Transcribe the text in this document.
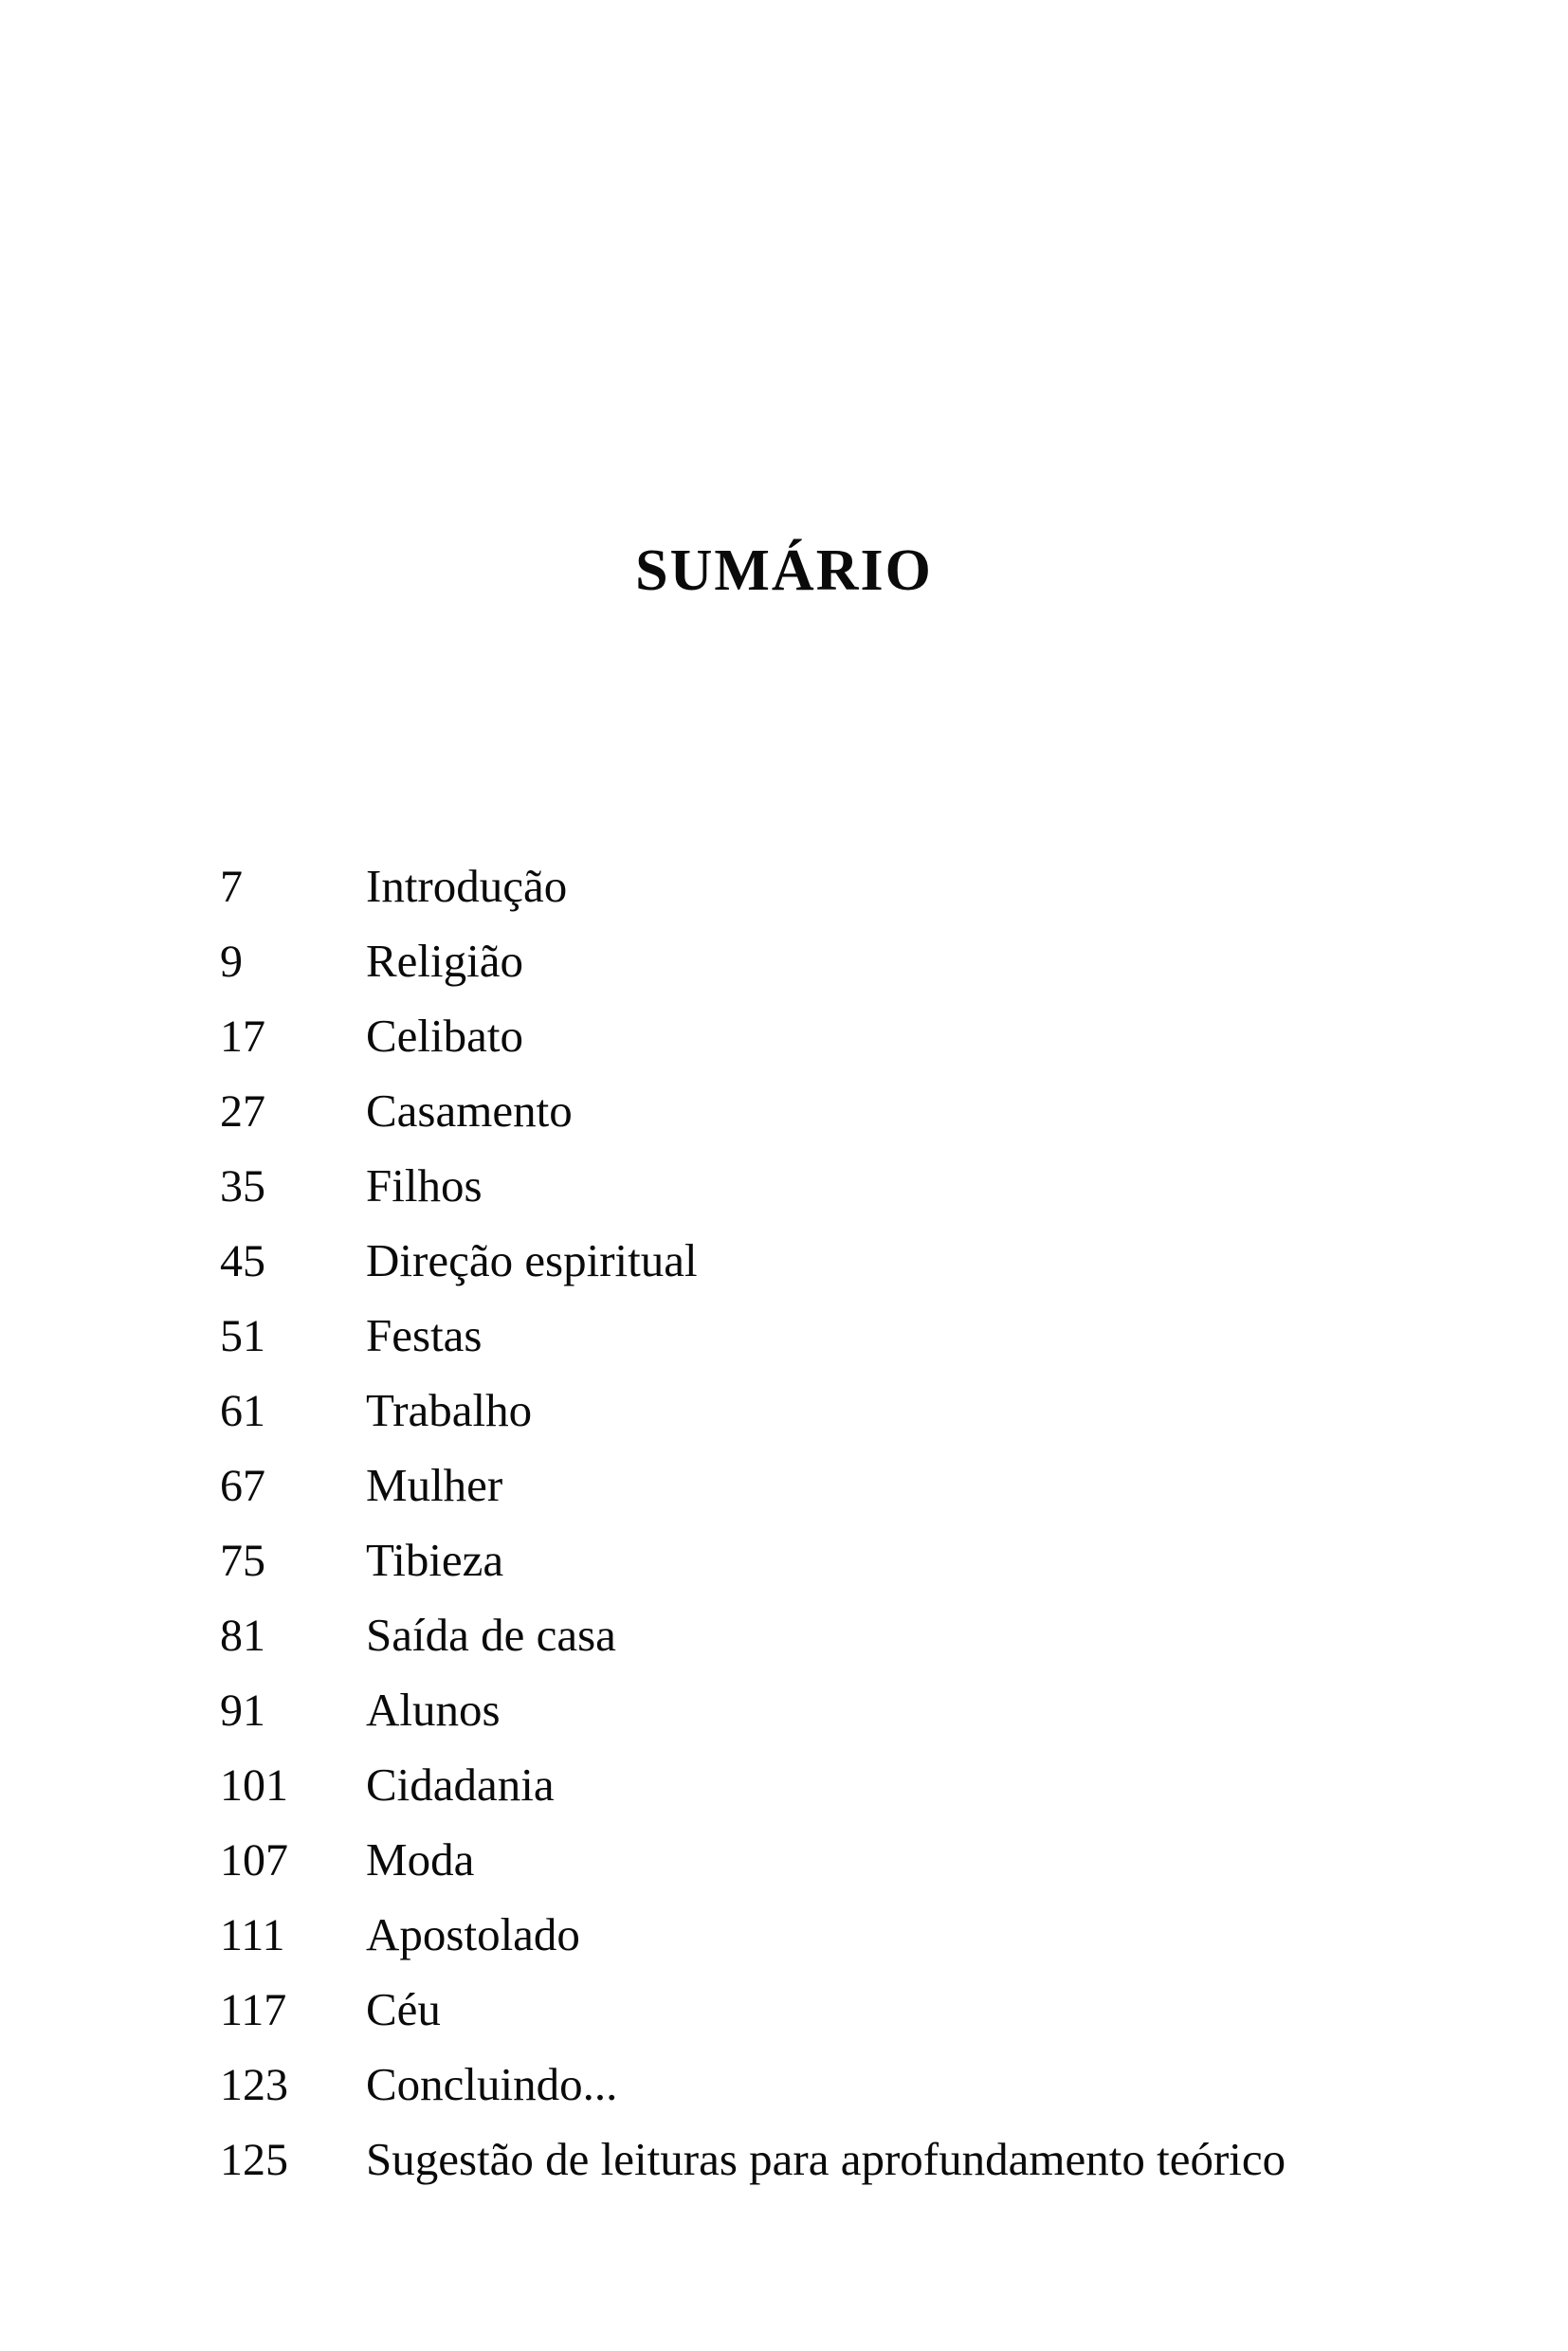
SUMÁRIO
7	Introdução
9	Religião
17	Celibato
27	Casamento
35	Filhos
45	Direção espiritual
51	Festas
61	Trabalho
67	Mulher
75	Tibieza
81	Saída de casa
91	Alunos
101	Cidadania
107	Moda
111	Apostolado
117	Céu
123	Concluindo...
125	Sugestão de leituras para aprofundamento teórico
